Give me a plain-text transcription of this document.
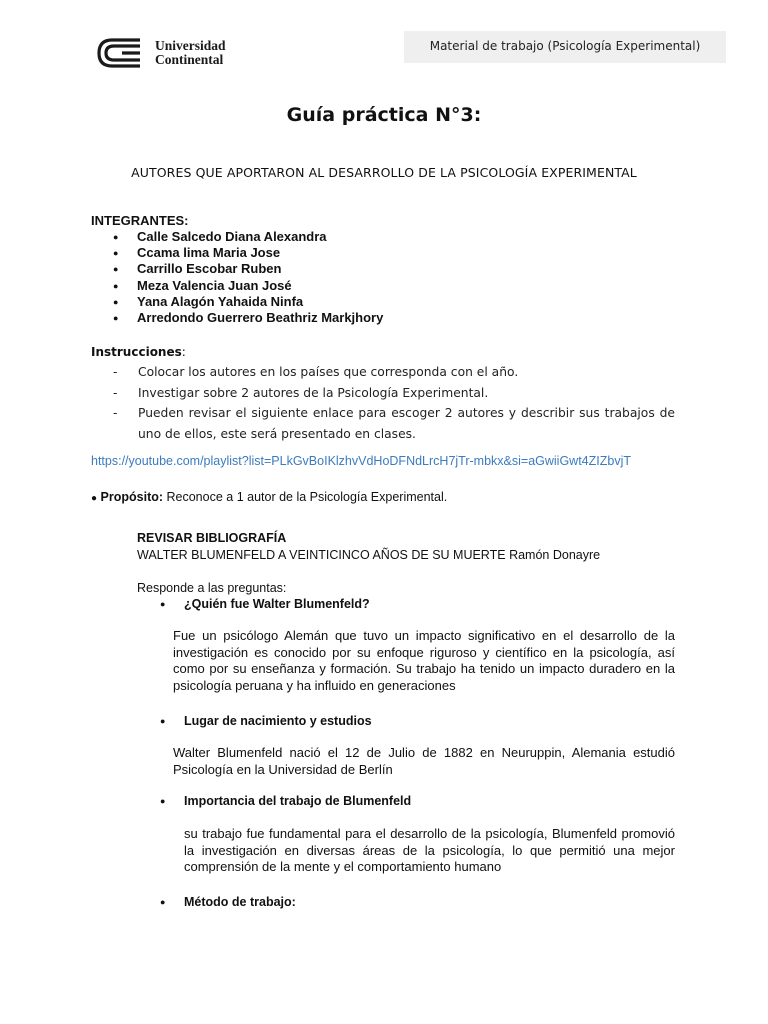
Universidad
Continental
Material de trabajo (Psicología Experimental)
Guía práctica N°3:
AUTORES QUE APORTARON AL DESARROLLO DE LA PSICOLOGÍA EXPERIMENTAL
INTEGRANTES:
● Calle Salcedo Diana Alexandra
● Ccama lima Maria Jose
● Carrillo Escobar Ruben
● Meza Valencia Juan José
● Yana Alagón Yahaida Ninfa
● Arredondo Guerrero Beathriz Markjhory
Instrucciones:
- Colocar los autores en los países que corresponda con el año.
- Investigar sobre 2 autores de la Psicología Experimental.
- Pueden revisar el siguiente enlace para escoger 2 autores y describir sus trabajos de uno de ellos, este será presentado en clases.
https://youtube.com/playlist?list=PLkGvBoIKlzhvVdHoDFNdLrcH7jTr-mbkx&si=aGwiiGwt4ZIZbvjT
● Propósito: Reconoce a 1 autor de la Psicología Experimental.
REVISAR BIBLIOGRAFÍA
WALTER BLUMENFELD A VEINTICINCO AÑOS DE SU MUERTE Ramón Donayre
Responde a las preguntas:
● ¿Quién fue Walter Blumenfeld?
Fue un psicólogo Alemán que tuvo un impacto significativo en el desarrollo de la investigación es conocido por su enfoque riguroso y científico en la psicología, así como por su enseñanza y formación. Su trabajo ha tenido un impacto duradero en la psicología peruana y ha influido en generaciones
● Lugar de nacimiento y estudios
Walter Blumenfeld nació el 12 de Julio de 1882 en Neuruppin, Alemania estudió Psicología en la Universidad de Berlín
● Importancia del trabajo de Blumenfeld
su trabajo fue fundamental para el desarrollo de la psicología, Blumenfeld promovió la investigación en diversas áreas de la psicología, lo que permitió una mejor comprensión de la mente y el comportamiento humano
● Método de trabajo:
